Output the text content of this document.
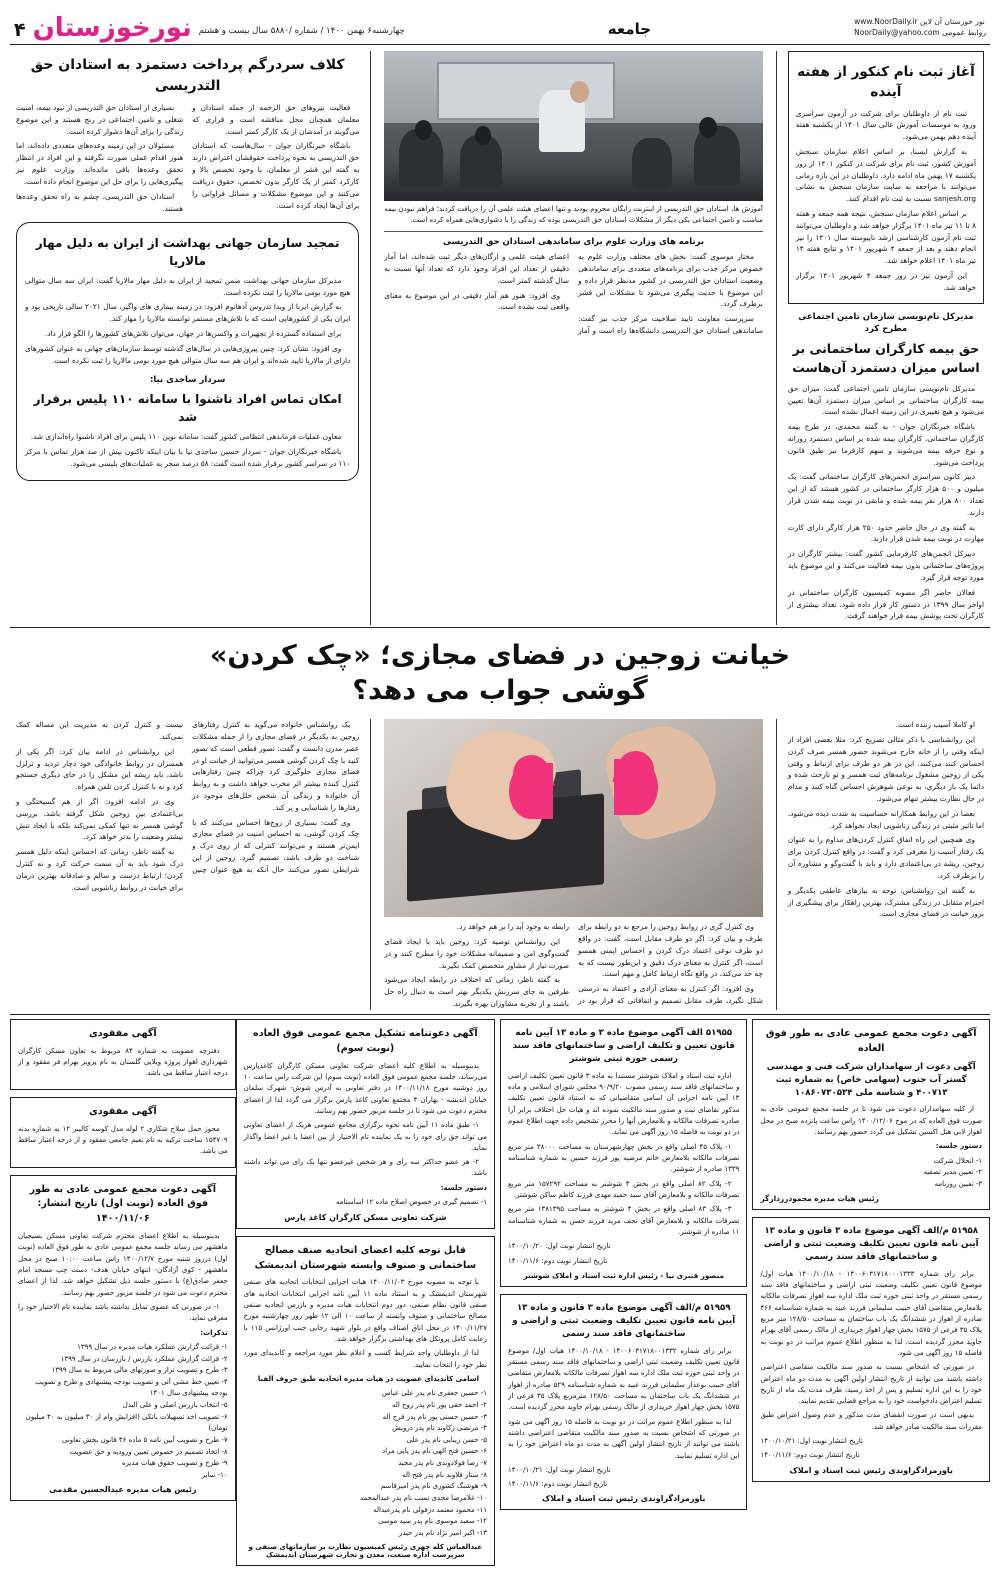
www.NoorDaily.ir نور خوزستان آن لاین
NoorDaily@yahoo.com روابط عمومی
جامعه
چهارشنبه۶ بهمن ۱۴۰۰ / شماره /۵۸۸۰ سال بیست و هشتم
نورخوزستان
۴
آغاز ثبت نام کنکور از هفته آینده

ثبت نام از داوطلبان برای شرکت در آزمون سراسری ورود به موسسات آموزش عالی سال ۱۴۰۱ از یکشنبه هفته آینده دهم بهمن می‌شود.

به گزارش ایسنا، بر اساس اعلام سازمان سنجش آموزش کشور، ثبت نام برای شرکت در کنکور ۱۴۰۱ از روز یکشنبه ۱۷ بهمن ماه ادامه دارد. داوطلبان در این بازه زمانی می‌توانند با مراجعه به سایت سازمان سنجش به نشانی sanjesh.org نسبت به ثبت نام اقدام کنند.

بر اساس اعلام سازمان سنجش، نتیجه همه جمعه و هفته ۸ تا ۱۱ تیر ماه ۱۴۰۱ برگزار خواهد شد و داوطلبان می‌توانند ثبت نام آزمون کارشناسی ارشد ناپیوسته سال ۱۴۰۱ را نیز انجام دهند و بعد از جمعه ۴ شهریور ۱۴۰۱ و نتایج هفته ۱۴ تیر ماه ۱۴۰۱ اعلام خواهد شد.

این آزمون نیز در روز جمعه ۴ شهریور ۱۴۰۱ برگزار خواهد شد.

مدیرکل نام‌نویسی سازمان تامین اجتماعی مطرح کرد
حق بیمه کارگران ساختمانی بر اساس میزان دستمزد آن‌هاست

مدیرکل نام‌نویسی سازمان تامین اجتماعی گفت: میزان حق بیمه کارگران ساختمانی بر اساس میزان دستمزد آن‌ها تعیین می‌شود و هیچ تغییری در این زمینه اعمال نشده است.

باشگاه خبرنگاران جوان - به گفته محمدی، در طرح بیمه کارگران ساختمانی، کارگران بیمه شده بر اساس دستمزد روزانه و نوع حرفه بیمه می‌شوند و سهم کارفرما نیز طبق قانون پرداخت می‌شود.

دبیر کانون سراسری انجمن‌های کارگران ساختمانی گفت: یک میلیون و ۵۰۰ هزار کارگر ساختمانی در کشور هستند که از این تعداد ۸۰۰ هزار نفر بیمه شده و مابقی در نوبت بیمه شدن قرار دارند.

به گفته وی در حال حاضر حدود ۲۵۰ هزار کارگر دارای کارت مهارت در نوبت بیمه شدن قرار دارند.

دبیرکل انجمن‌های کارفرمایی کشور گفت: بیشتر کارگران در پروژه‌های ساختمانی بدون بیمه فعالیت می‌کنند و این موضوع باید مورد توجه قرار گیرد.

فعالان حاضر اگر مصوبه کمیسیون کارگران ساختمانی در اواخر سال ۱۳۹۹ در دستور کار قرار داده شود، تعداد بیشتری از کارگران تحت پوشش بیمه قرار خواهند گرفت.

آموزش ها، استادان حق التدریسی از اینترنت رایگان محروم بودند و تنها اعضای هیئت علمی آن را دریافت کردند؛ فراهم نبودن بیمه مناسب و تامین اجتماعی یکی دیگر از مشکلات استادان حق التدریسی بوده که زندگی را با دشواری‌هایی همراه کرده است.

برنامه های وزارت علوم برای ساماندهی استادان حق التدریسی

مختار موسوی گفت: بخش های مختلف وزارت علوم به خصوص مرکز جذب برای برنامه‌های متعددی برای ساماندهی وضعیت استادان حق التدریسی در کشور مدنظر قرار داده و این موضوع با جدیت پیگیری می‌شود تا مشکلات این قشر برطرف گردد.

سرپرست معاونت تایید صلاحیت مرکز جذب نیز گفت: ساماندهی استادان حق التدریسی دانشگاه‌ها راه است و آمار اعضای هیئت علمی و ارگان‌های دیگر ثبت شده‌اند، اما آمار دقیقی از تعداد این افراد وجود دارد که تعداد آنها نسبت به سال گذشته کمتر است.

وی افزود: هنوز هم آمار دقیقی در این موضوع به معنای واقعی ثبت نشده است.

کلاف سردرگم پرداخت دستمزد به استادان حق التدریسی

فعالیت نیروهای حق الزحمه از جمله استادان و معلمان همچنان محل مناقشه است و قراری که می‌گویند در آمدشان از یک کارگر کمتر است.

باشگاه خبرنگاران جوان - سال‌هاست که استادان حق التدریسی به نحوه پرداخت حقوقشان اعتراض دارند به گفته این قشر از معلمان، با وجود تخصص بالا و کارکرد کمتر از یک کارگر بدون تخصص، حقوق دریافت می‌کنند و این موضوع مشکلات و مسائل فراوانی را برای آن‌ها ایجاد کرده است.

بسیاری از استادان حق التدریسی از نبود بیمه، امنیت شغلی و تامین اجتماعی در رنج هستند و این موضوع زندگی را برای آن‌ها دشوار کرده است.

مسئولان در این زمینه وعده‌های متعددی داده‌اند، اما هنوز اقدام عملی صورت نگرفته و این افراد در انتظار تحقق وعده‌ها باقی مانده‌اند. وزارت علوم نیز پیگیری‌هایی را برای حل این موضوع انجام داده است.

استادان حق التدریسی، چشم به راه تحقق وعده‌ها هستند.

تمجید سازمان جهانی بهداشت از ایران به دلیل مهار مالاریا

مدیرکل سازمان جهانی بهداشت ضمن تمجید از ایران به دلیل مهار مالاریا گفت: ایران سه سال متوالی هیچ مورد بومی مالاریا را ثبت نکرده است.

به گزارش ایرنا از ویدا تدروس آدهانوم افزود: در زمینه بیماری های واگیر، سال ۲۰۲۱ سالی تاریخی بود و ایران یکی از کشورهایی است که با تلاش‌های مستمر توانسته مالاریا را مهار کند.

برای استفاده گسترده از تجهیزات و واکسن‌ها در جهان، می‌توان تلاش‌های کشورها را الگو قرار داد.

وی افزود: نشان کرد: چنین پیروزی‌هایی در سال‌های گذشته توسط سازمان‌های جهانی به عنوان کشورهای دارای از مالاریا تایید شده‌اند و ایران هم سه سال متوالی هیچ مورد بومی مالاریا را ثبت نکرده است.

سردار ساجدی نیا:
امکان تماس افراد ناشنوا با سامانه ۱۱۰ پلیس برقرار شد

معاون عملیات فرماندهی انتظامی کشور گفت: سامانه نوین ۱۱۰ پلیس برای افراد ناشنوا راه‌اندازی شد.

باشگاه خبرنگاران جوان - سردار حسین ساجدی نیا با بیان اینکه تاکنون بیش از صد هزار تماس با مرکز ۱۱۰ در سراسر کشور برقرار شده است گفت: ۵۸ درصد منجر به عملیات‌های پلیسی می‌شود.

خیانت زوجین در فضای مجازی؛ «چک کردن»
گوشی جواب می دهد؟

او کاملا آسیب زننده است.

این روانشناسی با ذکر مثالی تصریح کرد: مثلا بعضی افراد از اینکه وقتی را از خانه خارج می‌شوند حضور همسر صرف کردن احساس کنند می‌کنند. این در هر دو طرف برای ارتباط و وقتی یکی از زوجین مشغول برنامه‌های ثبت همسر و تو نارحت شده و دائما یک باز دیگری، به نوعی شوهرش احساس گناه کنند و مدام در حال نظارت بیشتر تنهام می‌شود.

بعضا در این روابط همکارانه حساسیت به شدت دیده می‌شود، اما تاثیر مثبتی در زندگی زناشویی ایجاد نخواهد کرد.

وی همچنین این راه اتفاق کنترل کردن‌های مداوم را به عنوان یک رفتار آسیب زا معرفی کرد و گفت: در واقع کنترل کردن برای زوجین، ریشه در بی‌اعتمادی دارد و باید با گفت‌وگو و مشاوره آن را برطرف کرد.

به گفته این روانشناس، توجه به نیازهای عاطفی یکدیگر و احترام متقابل در زندگی مشترک، بهترین راهکار برای پیشگیری از بروز خیانت در فضای مجازی است.

وی کنترل گری در روابط زوجین را مرجع به دو رابطه برای طرف و بیان کرد: اگر دو طرف مقابل است، گفت: در واقع دو طرف نوعی اعتماد درک کردن و احساس ایمنی همسو است، اگر کنترل به معنای درک دقیق و این‌طور نیست که به چه حد می‌کند، در واقع نگاه ارتباط کامل و مهم است.

وی افزود: اگر کنترل به معنای آزادی و اعتماد به درستی شکل نگیرد، طرف مقابل تصمیم و اتفاقاتی که قرار بود در رابطه به وجود آید را بر هم خواهد زد.

این روانشناس توصیه کرد: زوجین باید با ایجاد فضای گفت‌وگوی امن و صمیمانه مشکلات خود را مطرح کنند و در صورت نیاز از مشاور متخصص کمک بگیرند.

به گفته ناظر، زمانی که اختلاف در رابطه ایجاد می‌شود طرفین به جای سرزنش یکدیگر بهتر است به دنبال راه حل باشند و از تجربه مشاوران بهره بگیرند.

یک روانشناس خانواده می‌گوید به کنترل رفتارهای زوجین به یکدیگر در فضای مجازی را از جمله مشکلات عصر مدرن دانست و گفت: تصور قطعی است که تصور کنید با چک کردن گوشی همسر می‌توانید از خیانت او در فضای مجازی جلوگیری کرد چراکه چنین رفتارهایی کنترل کننده بیشتر اثر مخرب خواهد داشت و به روابط آن خانواده و زندگی آن شخص خلل‌های موجود در رفتارها را شناسایی و پر کند.

وی گفت: بسیاری از زوج‌ها احساس می‌کنند که با چک کردن گوشی، به احساس امنیت در فضای مجازی ایمن‌تر هستند و می‌توانند کنترلی که از روی درک و شناخت دو طرف باشد، تصمیم گیرد. زوجین از این شرایطی تصور می‌کنند حال آنکه به هیچ عنوان چنین نیست و کنترل کردن به مدیریت این مساله کمک نمی‌کند.

این روانشناس در ادامه بیان کرد: اگر یکی از همسران در روابط خانوادگی خود دچار تردید و تزلزل باشد، باید ریشه این مشکل را در جای دیگری جستجو کرد و نه با کنترل کردن تلفن همراه.

وی در ادامه افزود: اگر از هم گسیختگی و بی‌اعتمادی بین زوجین شکل گرفته باشد، بررسی گوشی همسر نه تنها کمکی نمی‌کند بلکه با ایجاد تنش بیشتر وضعیت را بدتر خواهد کرد.

به گفته ناظر، زمانی که احساس اینکه دلیل همسر درک شود باید به آن سمت حرکت کرد و نه کنترل کردن؛ ارتباط درست و سالم و صادقانه بهترین درمان برای خیانت در روابط زناشویی است.

آگهی دعوت مجمع عمومی عادی به طور فوق العاده
آگهی دعوت از سهامداران شرکت فنی و مهندسی گستر آب جنوب (سهامی خاص) به شماره ثبت ۴۰۰۷۱۳ و شناسه ملی ۱۰۸۶۰۷۳۰۵۳۴

از کلیه سهامداران دعوت می شود تا در جلسه مجمع عمومی عادی به صورت فوق العاده که در موخ ۱۴۰۰/۱۲/۰۶ راس ساعت پانزده صبح در محل اهواز لابی هتل اکسین تشکیل می گردد حضور بهم رسانند.

دستور جلسه:
۱- انحلال شرکت
۲- تعیین مدیر تصفیه
۳- تعیین روزنامه
رئیس هیات مدیره محمودرزدارگر
۵۱۹۵۸ م/الف آگهی موضوع ماده ۳ قانون و ماده ۱۳ آیین نامه قانون تعیین تکلیف وضعیت ثبتی و اراضی و ساختمانهای فاقد سند رسمی

برابر رای شماره ۱۴۰۰۶۰۳۱۷۱۸۰۰۰۱۳۳۳ - ۱۴۰۰/۱۰/۱۸ هیات اول/ موضوع قانون تعیین تکلیف وضعیت ثبتی اراضی و ساختمانهای فاقد سند رسمی مستقر در واحد ثبتی حوزه ثبت ملک اداره سه اهواز تصرفات مالکانه بلامعارض متقاضی آقای حبیب سلیمانی فرزند عبید به شماره شناسنامه ۴۶۶ صادره از اهواز در ششدانگ یک باب ساختمان به مساحت ۱۲۸/۵۰ متر مربع پلاک ۳۵ فرعی از ۱۵۷۵ بخش چهار اهواز خریداری از مالک رسمی آقای بهرام جاوید محرز گردیده است. لذا به منظور اطلاع عموم مراتب در دو نوبت به فاصله ۱۵ روز آگهی می شود.

در صورتی که اشخاص نسبت به صدور سند مالکیت متقاضی اعتراضی داشته باشند می توانند از تاریخ انتشار اولین آگهی به مدت دو ماه اعتراض خود را به این اداره تسلیم و پس از اخذ رسید، ظرف مدت یک ماه از تاریخ تسلیم اعتراض دادخواست خود را به مراجع قضایی تقدیم نمایند.

بدیهی است در صورت انقضای مدت مذکور و عدم وصول اعتراض طبق مقررات سند مالکیت صادر خواهد شد.

تاریخ انتشار نوبت اول: ۱۴۰۰/۱۰/۲۱
تاریخ انتشار نوبت دوم: ۱۴۰۰/۱۱/۶
یاورمرادگراوندی رئیس ثبت اسناد و املاک
۵۱۹۵۵ الف آگهی موضوع ماده ۳ و ماده ۱۳ آیین نامه قانون تعیین و تکلیف اراضی و ساختمانهای فاقد سند رسمی حوزه ثبتی شوشتر

اداره ثبت اسناد و املاک شوشتر مستندا به ماده ۳ قانون تعیین تکلیف اراضی و ساختمانهای فاقد سند رسمی مصوب ۹۰/۹/۲۰ مجلس شورای اسلامی و ماده ۱۳ آیین نامه اجرایی آن اسامی متقاضیانی که به استناد قانون تعیین تکلیف مذکور تقاضای ثبت و صدور سند مالکیت نموده اند و هیات حل اختلاف برابر آرا صادره تصرفات مالکانه و بلامعارض آنها را محرز تشخیص داده جهت اطلاع عموم در دو نوبت به فاصله ۱۵ روز آگهی می نماید.

۱- پلاک ۴۵ اصلی واقع در بخش چهارشهرستان به مساحت ۳۸۰۰۰ متر مربع تصرفات مالکانه بلامعارض خانم مرضیه پور فرزند حسین به شماره شناسنامه ۱۳۳۹ صادره از شوشتر.

۲- پلاک ۸۲ اصلی واقع در بخش ۴ شوشتر به مساحت ۱۵۷۲۹۲ متر مربع تصرفات مالکانه و بلامعارض آقای سید حمید مهدی فرزند کاظم ساکن شوشتر.

۳- پلاک ۸۳ اصلی واقع در بخش ۴ شوشتر به مساحت ۱۳۸۱۳۹۵ متر مربع تصرفات مالکانه و بلامعارض آقای نجف مرید فرزند حسن به شماره شناسنامه ۱۱ صادره از شوشتر.

تاریخ انتشار نوبت اول: ۱۴۰۰/۱۰/۲۰
تاریخ انتشار نوبت دوم: ۱۴۰۰/۱۱/۶
منصور قنبری نیا - رئیس اداره ثبت اسناد و املاک شوشتر
۵۱۹۵۹ م/الف آگهی موضوع ماده ۳ قانون و ماده ۱۳ آیین نامه قانون تعیین تکلیف وضعیت ثبتی و اراضی و ساختمانهای فاقد سند رسمی

برابر رای شماره ۱۴۰۰۶۰۳۱۷۱۸۰۰۱۳۳۲ - ۱۴۰۰/۱۰/۱۸ هیات اول/ موضوع قانون تعیین تکلیف وضعیت ثبتی اراضی و ساختمانهای فاقد سند رسمی مستقر در واحد ثبتی حوزه ثبت ملک اداره سه اهواز تصرفات مالکانه بلامعارض متقاضی آقای حبیب بوعذار سلیمانی فرزند عبید به شماره شناسنامه ۵۲۹ صادره از اهواز در ششدانگ یک باب ساختمان به مساحت ۱۲۸/۵۰ مترمربع پلاک ۳۵ فرعی از ۱۵۷۵ بخش چهار اهواز خریداری از مالک رسمی بهرام جاوید محرز گردیده است.

لذا به منظور اطلاع عموم مراتب در دو نوبت به فاصله ۱۵ روز آگهی می شود در صورتی که اشخاص نسبت به صدور سند مالکیت متقاضی اعتراضی داشته باشند می توانند از تاریخ انتشار اولین آگهی به مدت دو ماه اعتراض خود را به این اداره تسلیم نمایند.

تاریخ انتشار نوبت اول: ۱۴۰۰/۱۰/۲۱
تاریخ انتشار نوبت دوم: ۱۴۰۰/۱۱/۶
یاورمرادگراوندی رئیس ثبت اسناد و املاک
آگهی دعوتنامه تشکیل مجمع عمومی فوق العاده (نوبت سوم)

بدینوسیله به اطلاع کلیه اعضای شرکت تعاونی مسکن کارگران کاغذپارس می‌رساند، جلسه مجمع عمومی فوق العاده (نوبت سوم) این شرکت راس ساعت ۱۰ روز دوشنبه مورخ ۱۴۰۰/۱۱/۱۸ در دفتر تعاونی به آدرس شوش- شهرک سلمان خیابان اندیشه - بهاران ۴ مجتمع تعاونی کاغذ پارس برگزار می گردد لذا از اعضای محترم دعوت می شود تا در جلسه مزبور حضور بهم رسانند.

۱- طبق ماده ۱۱ آیین نامه نحوه برگزاری مجامع عمومی هریک از اعضای تعاونی می تواند حق رای خود را به یک نماینده تام الاختیار از بین اعضا یا غیر اعضا واگذار نماید.

۲- هر عضو حداکثر سه رای و هر شخص غیرعضو تنها یک رای می تواند داشته باشد.

دستور جلسه:
۱- تصمیم گیری در خصوص اصلاح ماده ۱۲ اساسنامه
شرکت تعاونی مسکن کارگران کاغذ پارس
قابل توجه کلیه اعضای اتحادیه صنف مصالح ساختمانی و صنوف وابسته شهرستان اندیمشک

با توجه به مصوبه مورخ ۱۴۰۰/۱۱/۰۳ هیات اجرایی انتخابات اتحادیه های صنفی شهرستان اندیمشک و به استناد ماده ۱۱ آیین نامه اجرایی انتخابات اتحادیه های صنفی قانون نظام صنفی، دور دوم انتخابات هیات مدیره و بازرس اتحادیه صنفی مصالح ساختمانی و صنوف وابسته از ساعت ۱۰ الی ۱۲ ظهر روز چهارشنبه مورخ ۱۴۰۰/۱۱/۲۷ در محل اتاق اصناف واقع در بلوار شهید رجایی جنب اورژانس ۱۱۵ با رعایت کامل پروتکل های بهداشتی برگزار خواهد شد.

لذا از داوطلبان واجد شرایط کسب و اعلام نظر مورد مراجعه و کاندیدای مورد نظر خود را انتخاب نمایید.

اسامی کاندیدای عضویت در هیات مدیره اتحادیه طبق حروف الفبا

۱- حسین جعفری نام پدر علی عباس
۲- احمد حقی پور نام پدر روح اله
۳- حسین حسنی پور نام پدر فرج اله
۴- مرتضی زکاوند نام پدر درویش
۵- حسن زیبایی نام پدر علی
۶- حسین فتح الهی نام پدر پاپی مراد
۷- رضا فولادوندی نام پدر مجید
۸- ستار فلاوند نام پدر فتح اله
۹- هوشنگ کشوری نام پدر امیرقاسم
۱۰- غلامرضا مجدی نسب نام پدر عبدالمحمد
۱۱- محمود معتمد دزفولی نام پدرعبداله
۱۲- سعید موسوی نام پدر سید موسی
۱۳- اکبر امیر نژاد نام پدر حیدر
عبدالعباس کله چهری رئیس کمیسیون نظارت بر سازمانهای صنفی و سرپرست اداره صنعت، معدن و تجارت شهرستان اندیمشک
آگهی مفقودی

دفترچه عضویت به شماره ۸۴ مربوط به تعاون مسکن کارگران شهرداری اهواز پروژه ویلایی گلستان به نام پرویز بهرام فر مفقود و از درجه اعتبار ساقط می باشد.

آگهی مفقودی

مجوز حمل سلاح شکاری ۲ لوله مدل کوسه کالیبر ۱۲ به شماره بدنه ۱۵۴۷۰۹ ساخت ترکیه به نام نعیم جامعی مفقود و از درجه اعتبار ساقط می باشد.

آگهی دعوت مجمع عمومی عادی به طور فوق العاده (نوبت اول) تاریخ انتشار: ۱۴۰۰/۱۱/۰۶

بدینوسیله به اطلاع اعضای محترم شرکت تعاونی مسکن بسیجیان ماهشهر می رساند جلسه مجمع عمومی عادی به طور فوق العاده (نوبت اول) درروز شنبه مورخ ۱۴۰۰/۱۲/۷ راس ساعت ۱۰:۰۰ صبح در محل ماهشهر - کوی آزادگان- انتهای خیابان هدف- دست چپ مسجد امام جعفر صادق(ع) با دستور جلسه ذیل تشکیل خواهد شد. لذا از اعضای محترم دعوت می شود در جلسه مزبور حضور بهم رسانند.

۱- در صورتی که عضوی تمایل نداشته باشد نماینده تام الاختیار خود را معرفی نماید.

تذکرات:
۱- قرائت گزارش عملکرد هیات مدیره در سال ۱۳۹۹
۲- قرائت گزارش عملکرد بازرس / بازرسان در سال ۱۳۹۹
۳- طرح و تصویب تراز و صورتهای مالی مربوط به سال ۱۳۹۹
۴- تعیین خط مشی آتی و تصویب بودجه پیشنهادی و طرح و تصویب بودجه پیشنهادی سال ۱۴۰۱
۵- انتخاب بازرس اصلی و علی البدل
۶- تصویب اخذ تسهیلات بانکی (افزایش وام از ۳۰ میلیون به ۴۰ میلیون تومان)
۷- طرح و تصویب آیین نامه ۵ ماده ۳۶ قانون بخش تعاونی
۸- اتخاذ تصمیم در خصوص تعیین ورودیه و حق عضویت
۹- طرح و تصویب حقوق هیات مدیره
۱۰- سایر
رئیس هیات مدیره عبدالحسین مقدمی
